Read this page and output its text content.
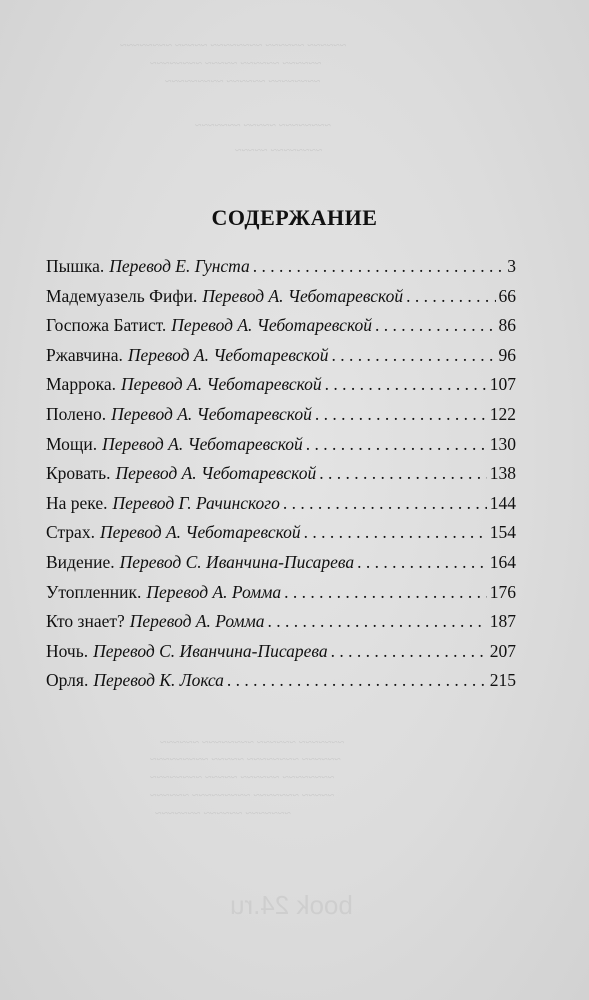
~~~~~~ ~~~~~~ ~~~~~~~~ ~~~~~ ~~~~~~~~
~~~~~~ ~~~~~~ ~~~~~ ~~~~~~~~
~~~~~~~~ ~~~~~~ ~~~~~~~~~
~~~~~~~~ ~~~~~ ~~~~~~~
~~~~~~~~ ~~~~~
~~~~~~~ ~~~~~~ ~~~~~~~~ ~~~~~~
~~~~~~ ~~~~~~~~ ~~~~~ ~~~~~~~~~
~~~~~~~~ ~~~~~~ ~~~~~ ~~~~~~~~
~~~~~ ~~~~~~~ ~~~~~~~~~ ~~~~~~
~~~~~~~ ~~~~~~ ~~~~~~~
book 24.ru
СОДЕРЖАНИЕ
Пышка. Перевод Е. Гунста . . .	3
Мадемуазель Фифи. Перевод А. Чеботаревской . . .	66
Госпожа Батист. Перевод А. Чеботаревской . . .	86
Ржавчина. Перевод А. Чеботаревской . . .	96
Маррока. Перевод А. Чеботаревской . . .	107
Полено. Перевод А. Чеботаревской . . .	122
Мощи. Перевод А. Чеботаревской . . .	130
Кровать. Перевод А. Чеботаревской . . .	138
На реке. Перевод Г. Рачинского . . .	144
Страх. Перевод А. Чеботаревской . . .	154
Видение. Перевод С. Иванчина-Писарева . . .	164
Утопленник. Перевод А. Ромма . . .	176
Кто знает? Перевод А. Ромма . . .	187
Ночь. Перевод С. Иванчина-Писарева . . .	207
Орля. Перевод К. Локса . . .	215
